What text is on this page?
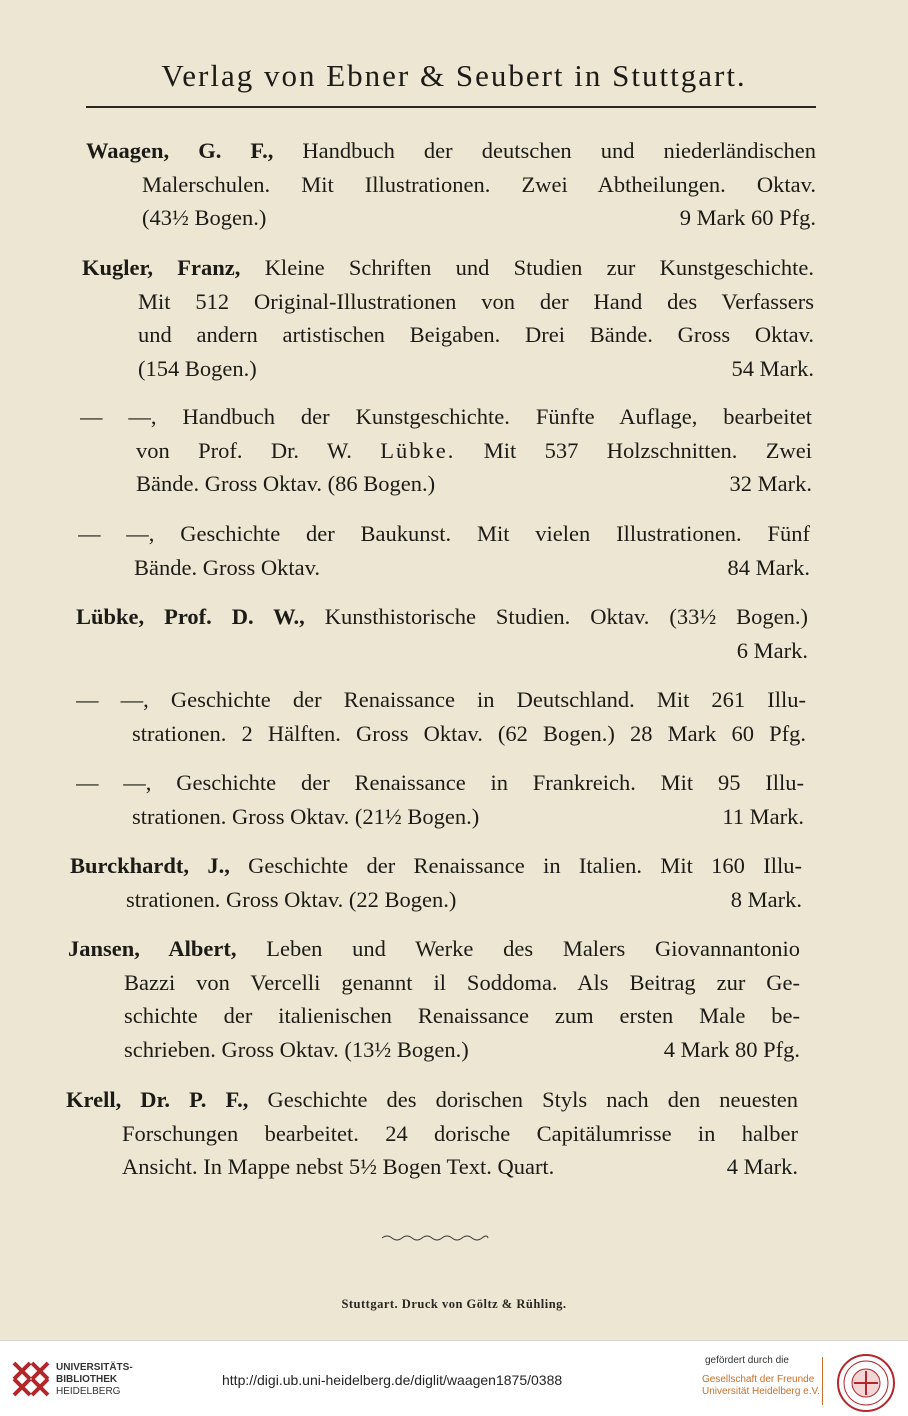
Verlag von Ebner & Seubert in Stuttgart.
Waagen, G. F., Handbuch der deutschen und niederländischen
Malerschulen. Mit Illustrationen. Zwei Abtheilungen. Oktav.
(43½ Bogen.)	9 Mark 60 Pfg.
Kugler, Franz, Kleine Schriften und Studien zur Kunstgeschichte.
Mit 512 Original-Illustrationen von der Hand des Verfassers
und andern artistischen Beigaben. Drei Bände. Gross Oktav.
(154 Bogen.)	54 Mark.
— —, Handbuch der Kunstgeschichte. Fünfte Auflage, bearbeitet
von Prof. Dr. W. Lübke. Mit 537 Holzschnitten. Zwei
Bände. Gross Oktav. (86 Bogen.)	32 Mark.
— —, Geschichte der Baukunst. Mit vielen Illustrationen. Fünf
Bände. Gross Oktav.	84 Mark.
Lübke, Prof. D. W., Kunsthistorische Studien. Oktav. (33½ Bogen.)
6 Mark.
— —, Geschichte der Renaissance in Deutschland. Mit 261 Illu-
strationen. 2 Hälften. Gross Oktav. (62 Bogen.) 28 Mark 60 Pfg.
— —, Geschichte der Renaissance in Frankreich. Mit 95 Illu-
strationen. Gross Oktav. (21½ Bogen.)	11 Mark.
Burckhardt, J., Geschichte der Renaissance in Italien. Mit 160 Illu-
strationen. Gross Oktav. (22 Bogen.)	8 Mark.
Jansen, Albert, Leben und Werke des Malers Giovannantonio
Bazzi von Vercelli genannt il Soddoma. Als Beitrag zur Ge-
schichte der italienischen Renaissance zum ersten Male be-
schrieben. Gross Oktav. (13½ Bogen.)	4 Mark 80 Pfg.
Krell, Dr. P. F., Geschichte des dorischen Styls nach den neuesten
Forschungen bearbeitet. 24 dorische Capitälumrisse in halber
Ansicht. In Mappe nebst 5½ Bogen Text. Quart.	4 Mark.
Stuttgart. Druck von Göltz & Rühling.
UNIVERSITÄTS-
BIBLIOTHEK
HEIDELBERG
http://digi.ub.uni-heidelberg.de/diglit/waagen1875/0388
gefördert durch die
Gesellschaft der Freunde
Universität Heidelberg e.V.
